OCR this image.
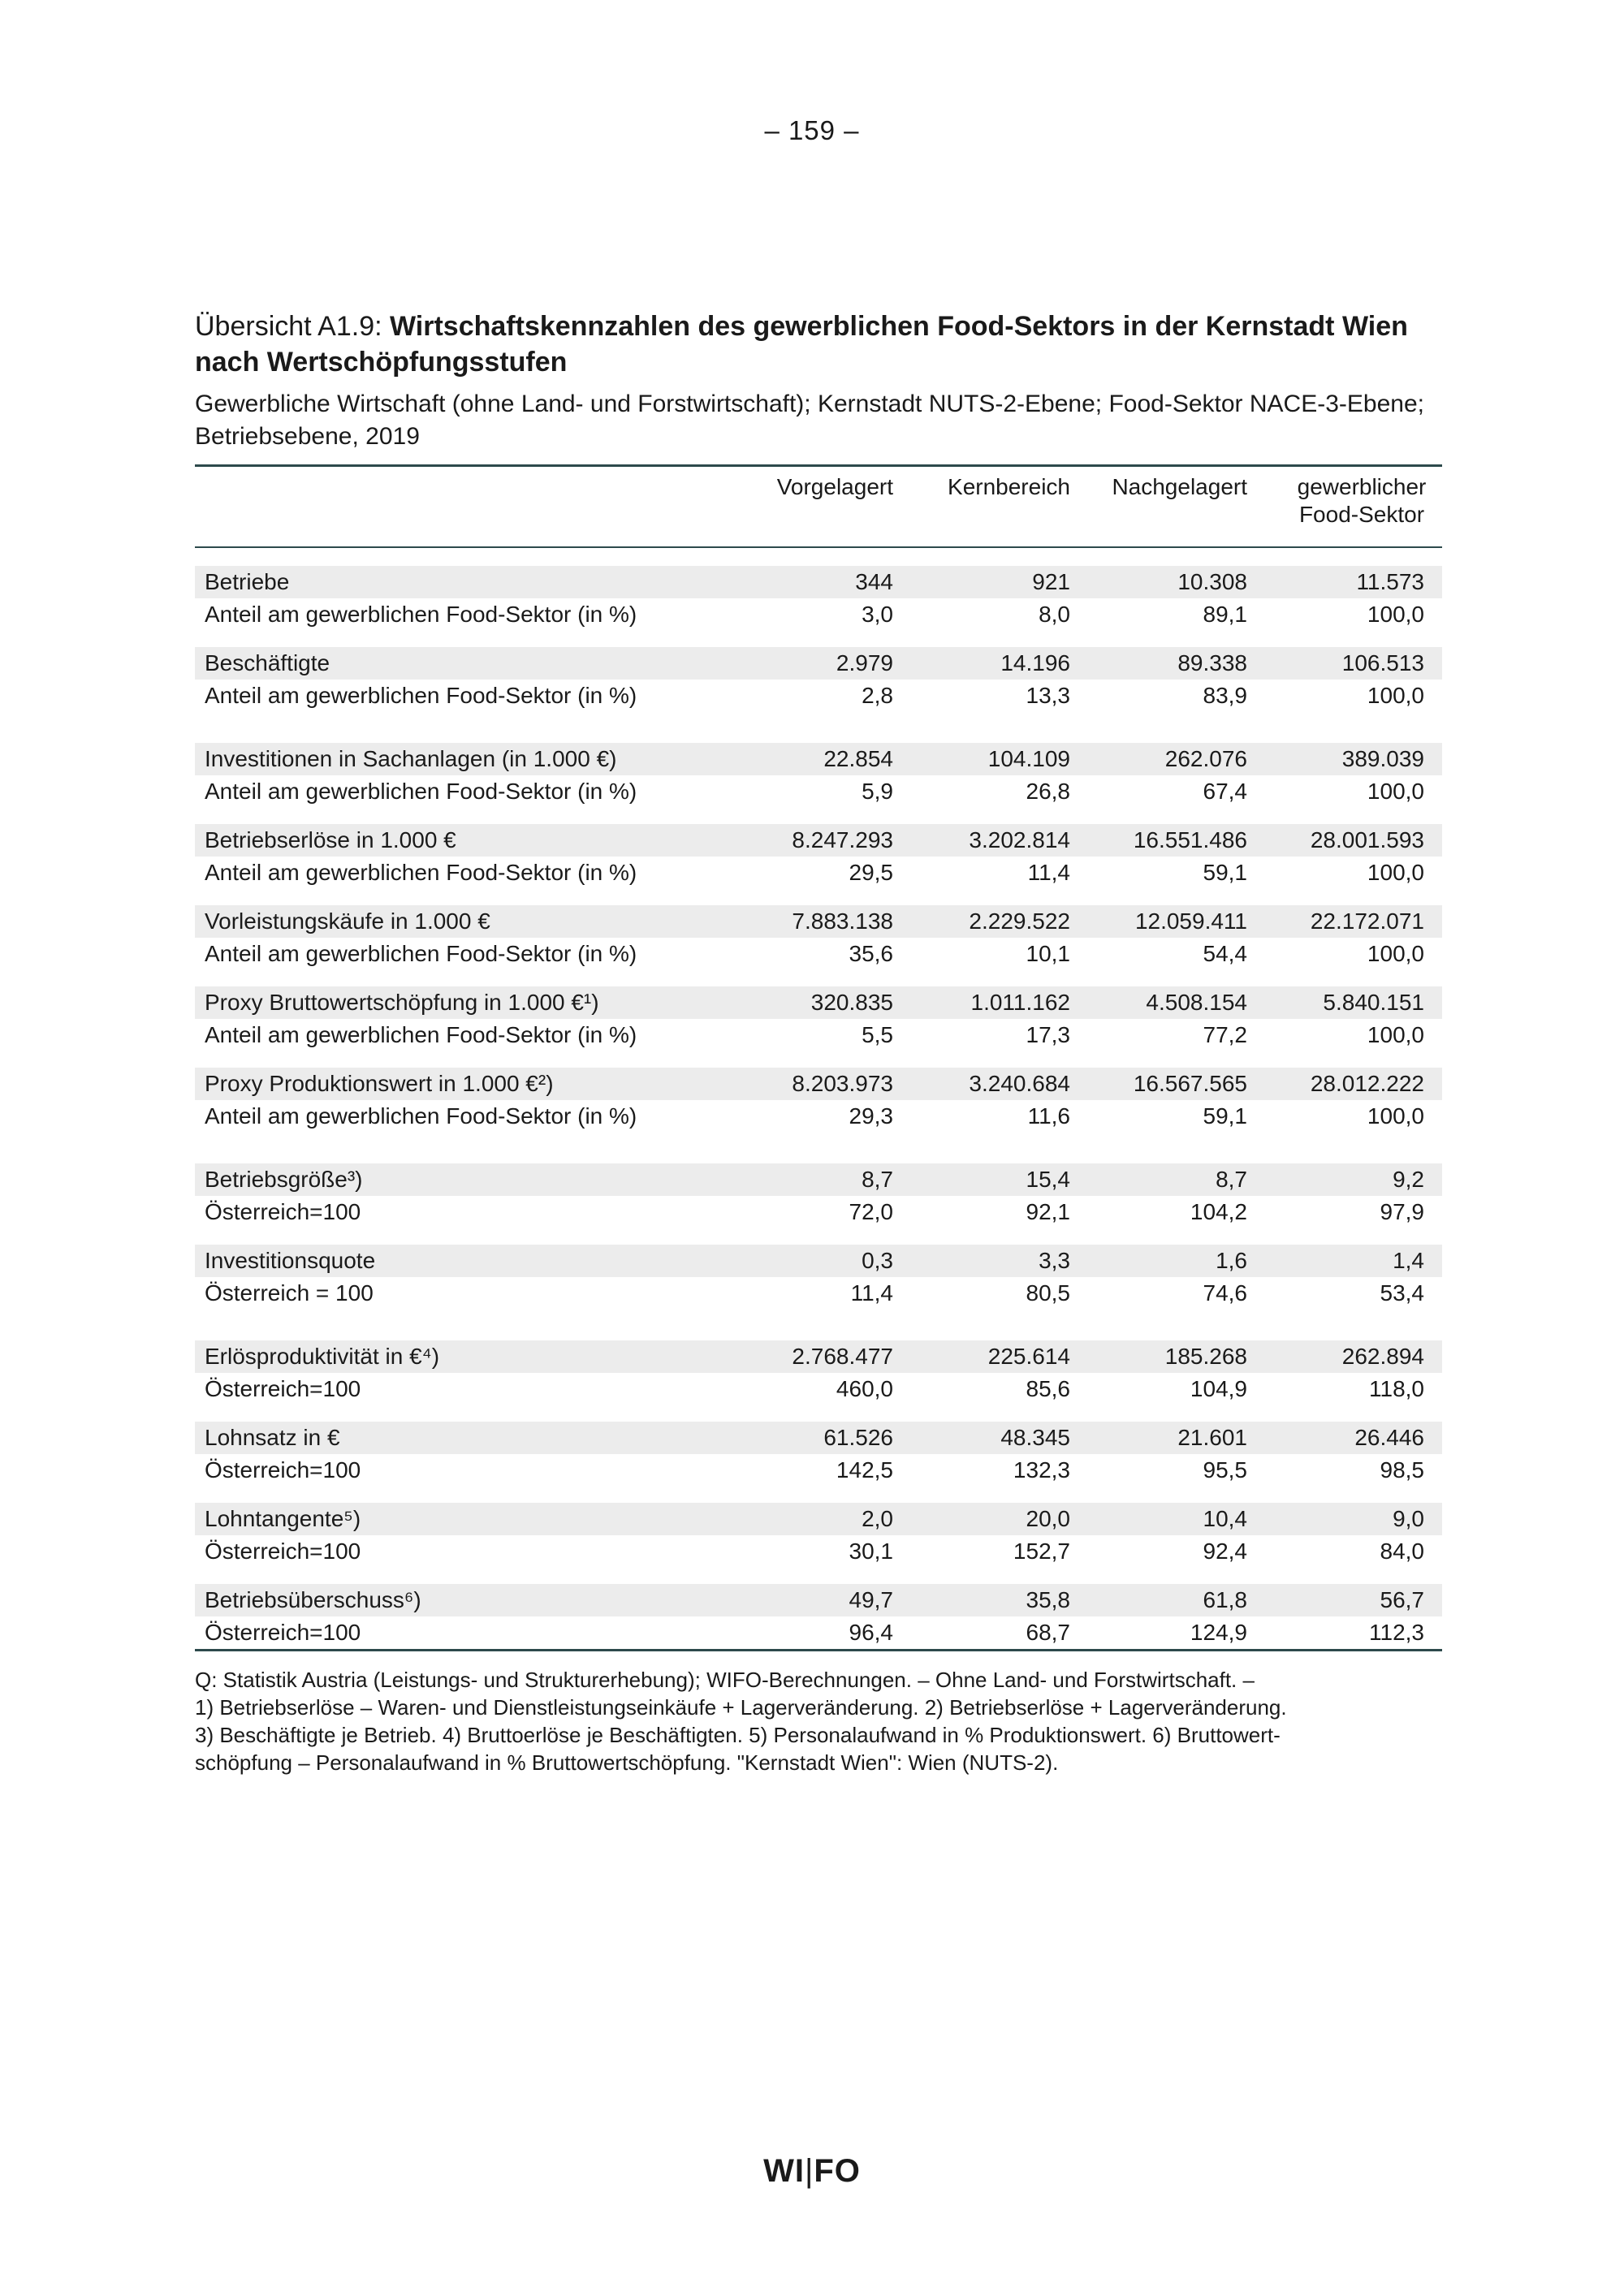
– 159 –
Übersicht A1.9: Wirtschaftskennzahlen des gewerblichen Food-Sektors in der Kernstadt Wien nach Wertschöpfungsstufen

Gewerbliche Wirtschaft (ohne Land- und Forstwirtschaft); Kernstadt NUTS-2-Ebene; Food-Sektor NACE-3-Ebene; Betriebsebene, 2019

	Vorgelagert	Kernbereich	Nachgelagert	gewerblicher Food-Sektor

Betriebe	344	921	10.308	11.573
Anteil am gewerblichen Food-Sektor (in %)	3,0	8,0	89,1	100,0

Beschäftigte	2.979	14.196	89.338	106.513
Anteil am gewerblichen Food-Sektor (in %)	2,8	13,3	83,9	100,0

Investitionen in Sachanlagen (in 1.000 €)	22.854	104.109	262.076	389.039
Anteil am gewerblichen Food-Sektor (in %)	5,9	26,8	67,4	100,0

Betriebserlöse in 1.000 €	8.247.293	3.202.814	16.551.486	28.001.593
Anteil am gewerblichen Food-Sektor (in %)	29,5	11,4	59,1	100,0

Vorleistungskäufe in 1.000 €	7.883.138	2.229.522	12.059.411	22.172.071
Anteil am gewerblichen Food-Sektor (in %)	35,6	10,1	54,4	100,0

Proxy Bruttowertschöpfung in 1.000 €¹)	320.835	1.011.162	4.508.154	5.840.151
Anteil am gewerblichen Food-Sektor (in %)	5,5	17,3	77,2	100,0

Proxy Produktionswert in 1.000 €²)	8.203.973	3.240.684	16.567.565	28.012.222
Anteil am gewerblichen Food-Sektor (in %)	29,3	11,6	59,1	100,0

Betriebsgröße³)	8,7	15,4	8,7	9,2
Österreich=100	72,0	92,1	104,2	97,9

Investitionsquote	0,3	3,3	1,6	1,4
Österreich = 100	11,4	80,5	74,6	53,4

Erlösproduktivität in €⁴)	2.768.477	225.614	185.268	262.894
Österreich=100	460,0	85,6	104,9	118,0

Lohnsatz in €	61.526	48.345	21.601	26.446
Österreich=100	142,5	132,3	95,5	98,5

Lohntangente⁵)	2,0	20,0	10,4	9,0
Österreich=100	30,1	152,7	92,4	84,0

Betriebsüberschuss⁶)	49,7	35,8	61,8	56,7
Österreich=100	96,4	68,7	124,9	112,3

Q: Statistik Austria (Leistungs- und Strukturerhebung); WIFO-Berechnungen. – Ohne Land- und Forstwirtschaft. –

1) Betriebserlöse – Waren- und Dienstleistungseinkäufe + Lagerveränderung. 2) Betriebserlöse + Lagerveränderung.

3) Beschäftigte je Betrieb. 4) Bruttoerlöse je Beschäftigten. 5) Personalaufwand in % Produktionswert. 6) Bruttowert-

schöpfung – Personalaufwand in % Bruttowertschöpfung. "Kernstadt Wien": Wien (NUTS-2).

WI|FO
